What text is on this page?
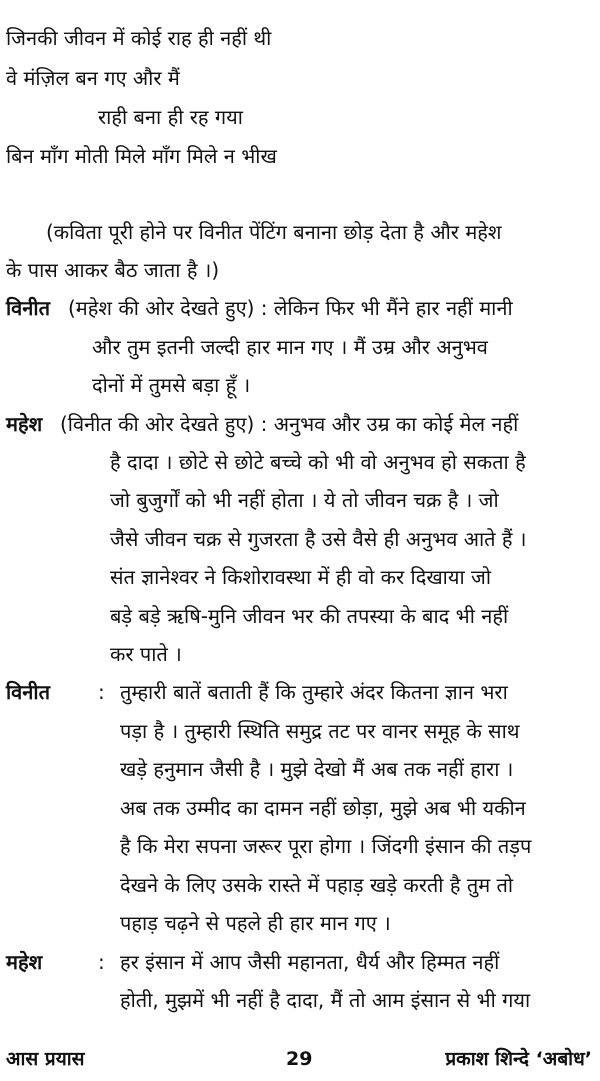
जिनकी जीवन में कोई राह ही नहीं थी
वे मंज़िल बन गए और मैं
राही बना ही रह गया
बिन माँग मोती मिले माँग मिले न भीख
(कविता पूरी होने पर विनीत पेंटिंग बनाना छोड़ देता है और महेश
के पास आकर बैठ जाता है ।)
विनीत (महेश की ओर देखते हुए) : लेकिन फिर भी मैंने हार नहीं मानी
और तुम इतनी जल्दी हार मान गए । मैं उम्र और अनुभव
दोनों में तुमसे बड़ा हूँ ।
महेश (विनीत की ओर देखते हुए) : अनुभव और उम्र का कोई मेल नहीं
है दादा । छोटे से छोटे बच्चे को भी वो अनुभव हो सकता है
जो बुजुर्गों को भी नहीं होता । ये तो जीवन चक्र है । जो
जैसे जीवन चक्र से गुजरता है उसे वैसे ही अनुभव आते हैं ।
संत ज्ञानेश्वर ने किशोरावस्था में ही वो कर दिखाया जो
बड़े बड़े ऋषि-मुनि जीवन भर की तपस्या के बाद भी नहीं
कर पाते ।
विनीत : तुम्हारी बातें बताती हैं कि तुम्हारे अंदर कितना ज्ञान भरा
पड़ा है । तुम्हारी स्थिति समुद्र तट पर वानर समूह के साथ
खड़े हनुमान जैसी है । मुझे देखो मैं अब तक नहीं हारा ।
अब तक उम्मीद का दामन नहीं छोड़ा, मुझे अब भी यकीन
है कि मेरा सपना जरूर पूरा होगा । जिंदगी इंसान की तड़प
देखने के लिए उसके रास्ते में पहाड़ खड़े करती है तुम तो
पहाड़ चढ़ने से पहले ही हार मान गए ।
महेश	: हर इंसान में आप जैसी महानता, धैर्य और हिम्मत नहीं
होती, मुझमें भी नहीं है दादा, मैं तो आम इंसान से भी गया
आस प्रयास	29	प्रकाश शिन्दे ‘अबोध’
